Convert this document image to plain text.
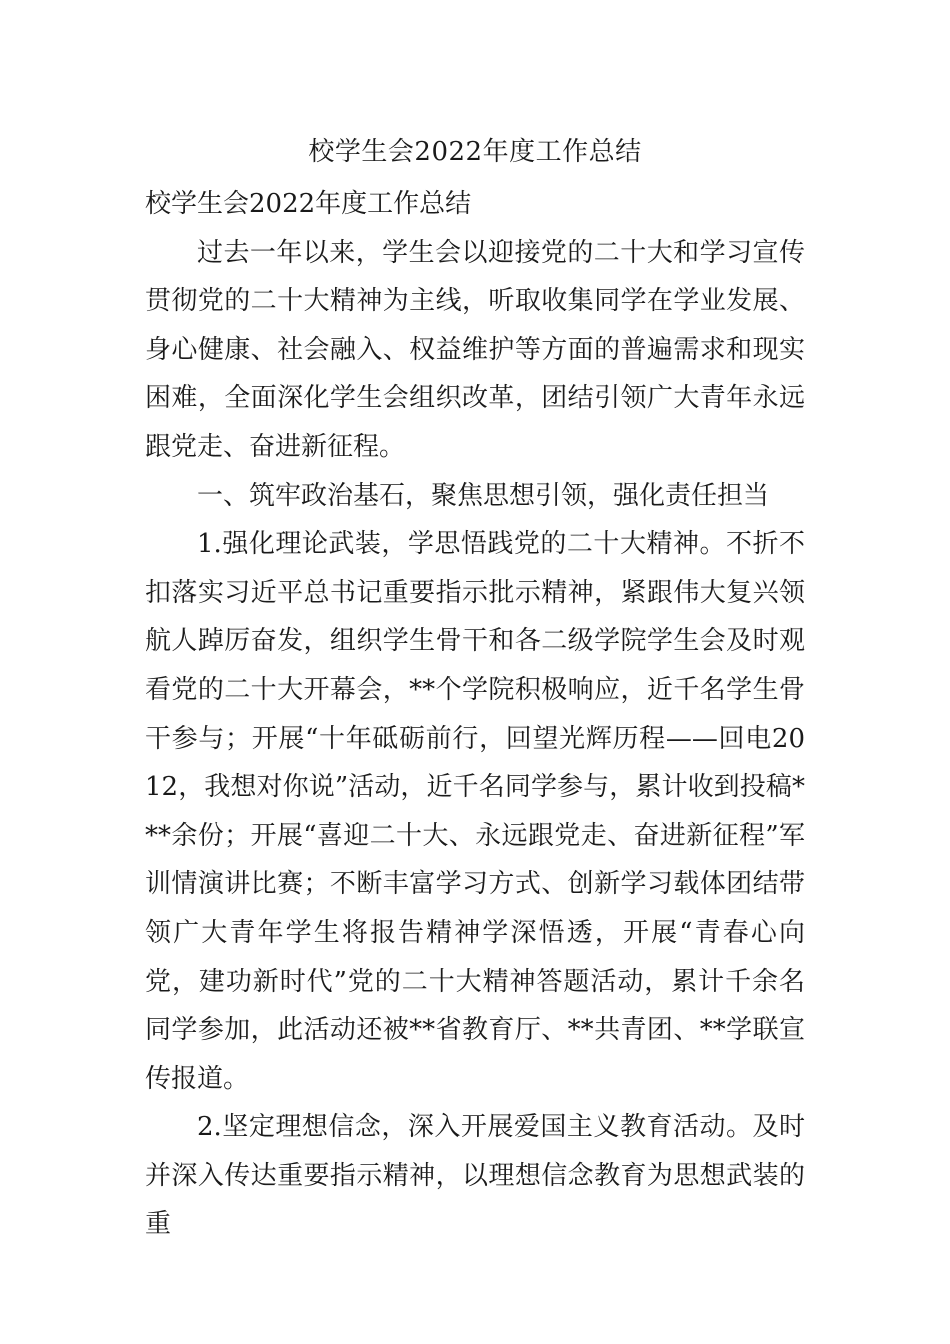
校学生会2022年度工作总结

校学生会2022年度工作总结

过去一年以来，学生会以迎接党的二十大和学习宣传贯彻党的二十大精神为主线，听取收集同学在学业发展、身心健康、社会融入、权益维护等方面的普遍需求和现实困难，全面深化学生会组织改革，团结引领广大青年永远跟党走、奋进新征程。

一、筑牢政治基石，聚焦思想引领，强化责任担当

1.强化理论武装，学思悟践党的二十大精神。不折不扣落实习近平总书记重要指示批示精神，紧跟伟大复兴领航人踔厉奋发，组织学生骨干和各二级学院学生会及时观看党的二十大开幕会，**个学院积极响应，近千名学生骨干参与；开展“十年砥砺前行，回望光辉历程——回电2012，我想对你说”活动，近千名同学参与，累计收到投稿***余份；开展“喜迎二十大、永远跟党走、奋进新征程”军训情演讲比赛；不断丰富学习方式、创新学习载体团结带领广大青年学生将报告精神学深悟透，开展“青春心向党，建功新时代”党的二十大精神答题活动，累计千余名同学参加，此活动还被**省教育厅、**共青团、**学联宣传报道。

2.坚定理想信念，深入开展爱国主义教育活动。及时并深入传达重要指示精神，以理想信念教育为思想武装的重
